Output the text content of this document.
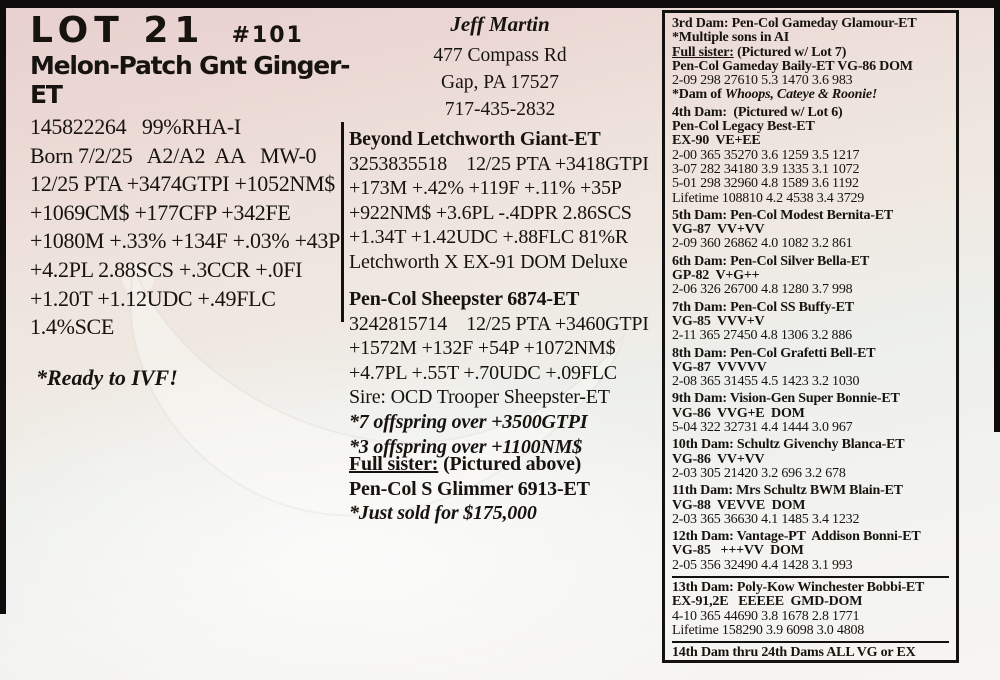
LOT 21 #101
Melon-Patch Gnt Ginger-ET
145822264   99%RHA-I
Born 7/2/25   A2/A2  AA   MW-0
12/25 PTA +3474GTPI +1052NM$
+1069CM$ +177CFP +342FE
+1080M +.33% +134F +.03% +43P
+4.2PL 2.88SCS +.3CCR +.0FI
+1.20T +1.12UDC +.49FLC 1.4%SCE
*Ready to IVF!
Jeff Martin
477 Compass Rd
Gap, PA 17527
717-435-2832
Beyond Letchworth Giant-ET
3253835518    12/25 PTA +3418GTPI
+173M +.42% +119F +.11% +35P
+922NM$ +3.6PL -.4DPR 2.86SCS
+1.34T +1.42UDC +.88FLC 81%R
Letchworth X EX-91 DOM Deluxe
Pen-Col Sheepster 6874-ET
3242815714    12/25 PTA +3460GTPI
+1572M +132F +54P +1072NM$
+4.7PL +.55T +.70UDC +.09FLC
Sire: OCD Trooper Sheepster-ET
*7 offspring over +3500GTPI
*3 offspring over +1100NM$
Full sister: (Pictured above)
Pen-Col S Glimmer 6913-ET
*Just sold for $175,000
3rd Dam: Pen-Col Gameday Glamour-ET
*Multiple sons in AI
Full sister: (Pictured w/ Lot 7)
Pen-Col Gameday Baily-ET VG-86 DOM
2-09 298 27610 5.3 1470 3.6 983
*Dam of Whoops, Cateye & Roonie!
4th Dam:  (Pictured w/ Lot 6)
Pen-Col Legacy Best-ET
EX-90  VE+EE
2-00 365 35270 3.6 1259 3.5 1217
3-07 282 34180 3.9 1335 3.1 1072
5-01 298 32960 4.8 1589 3.6 1192
Lifetime 108810 4.2 4538 3.4 3729
5th Dam: Pen-Col Modest Bernita-ET
VG-87  VV+VV
2-09 360 26862 4.0 1082 3.2 861
6th Dam: Pen-Col Silver Bella-ET
GP-82  V+G++
2-06 326 26700 4.8 1280 3.7 998
7th Dam: Pen-Col SS Buffy-ET
VG-85  VVV+V
2-11 365 27450 4.8 1306 3.2 886
8th Dam: Pen-Col Grafetti Bell-ET
VG-87  VVVVV
2-08 365 31455 4.5 1423 3.2 1030
9th Dam: Vision-Gen Super Bonnie-ET
VG-86  VVG+E  DOM
5-04 322 32731 4.4 1444 3.0 967
10th Dam: Schultz Givenchy Blanca-ET
VG-86  VV+VV
2-03 305 21420 3.2 696 3.2 678
11th Dam: Mrs Schultz BWM Blain-ET
VG-88  VEVVE  DOM
2-03 365 36630 4.1 1485 3.4 1232
12th Dam: Vantage-PT  Addison Bonni-ET
VG-85   +++VV  DOM
2-05 356 32490 4.4 1428 3.1 993
13th Dam: Poly-Kow Winchester Bobbi-ET
EX-91,2E   EEEEE  GMD-DOM
4-10 365 44690 3.8 1678 2.8 1771
Lifetime 158290 3.9 6098 3.0 4808
14th Dam thru 24th Dams ALL VG or EX
